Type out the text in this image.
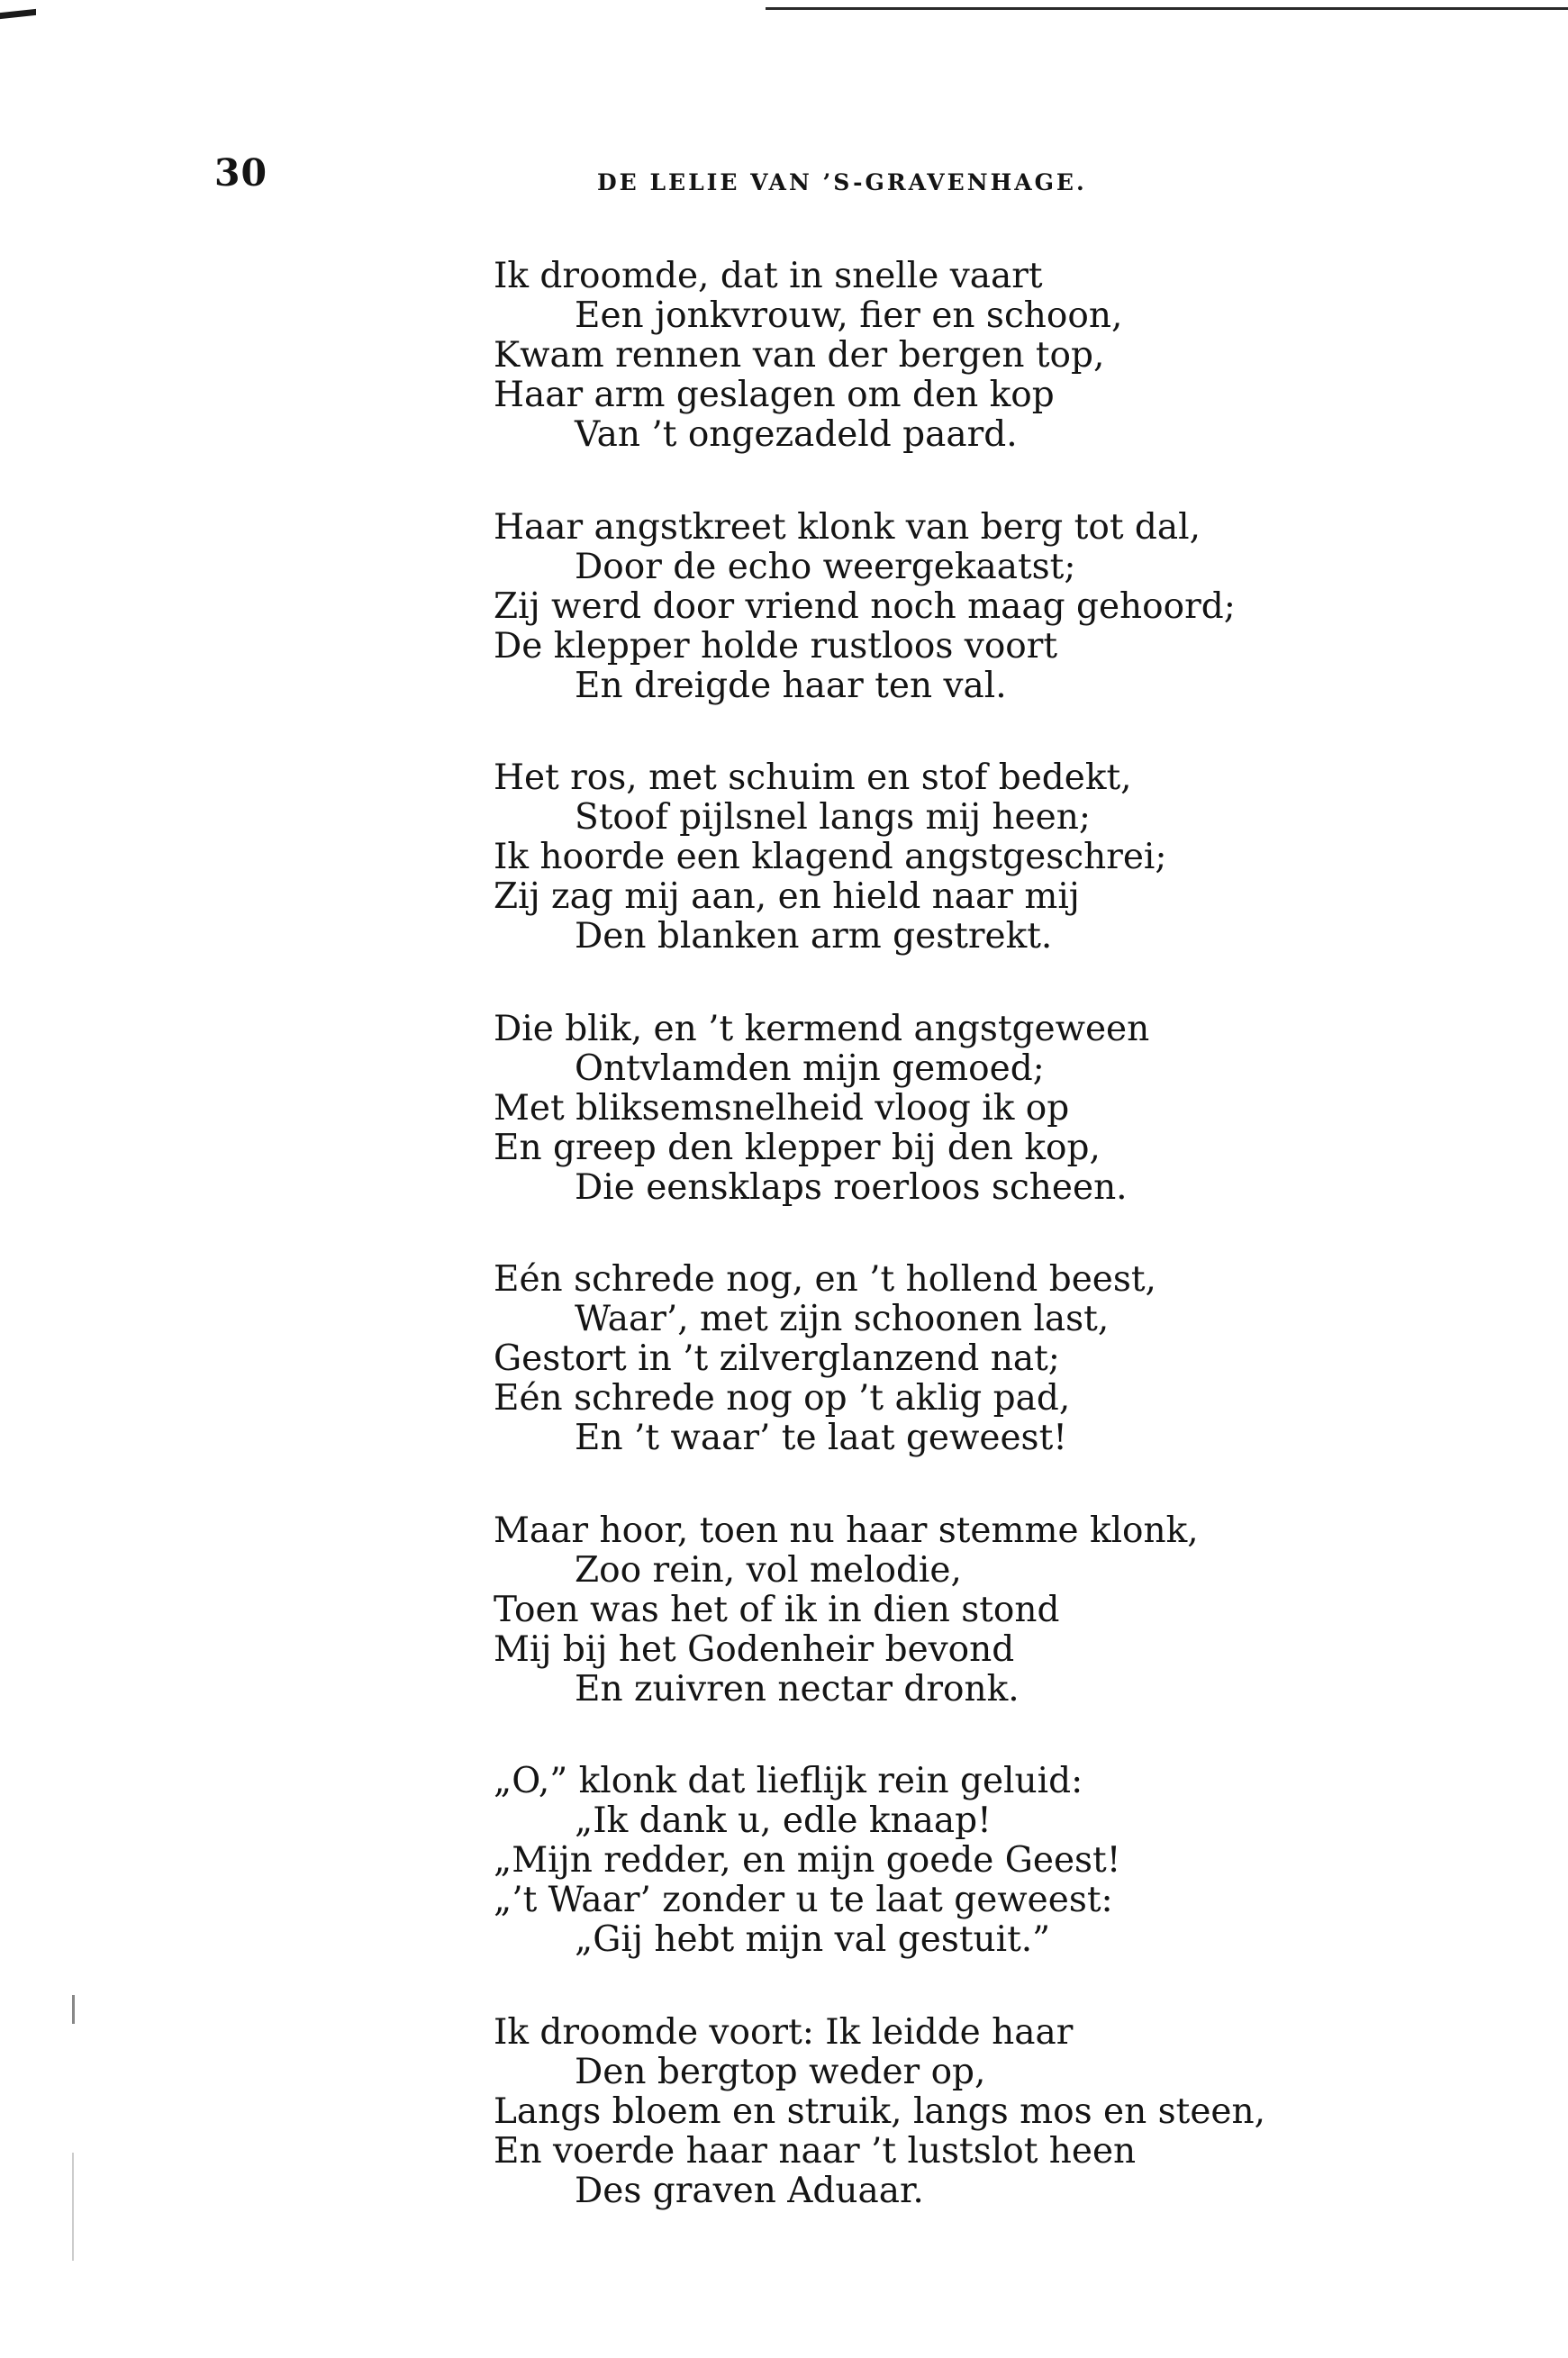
30	DE LELIE VAN ’S-GRAVENHAGE.
Ik droomde, dat in snelle vaart
Een jonkvrouw, fier en schoon,
Kwam rennen van der bergen top,
Haar arm geslagen om den kop
Van ’t ongezadeld paard.
Haar angstkreet klonk van berg tot dal,
Door de echo weergekaatst;
Zij werd door vriend noch maag gehoord;
De klepper holde rustloos voort
En dreigde haar ten val.
Het ros, met schuim en stof bedekt,
Stoof pijlsnel langs mij heen;
Ik hoorde een klagend angstgeschrei;
Zij zag mij aan, en hield naar mij
Den blanken arm gestrekt.
Die blik, en ’t kermend angstgeween
Ontvlamden mijn gemoed;
Met bliksemsnelheid vloog ik op
En greep den klepper bij den kop,
Die eensklaps roerloos scheen.
Eén schrede nog, en ’t hollend beest,
Waar’, met zijn schoonen last,
Gestort in ’t zilverglanzend nat;
Eén schrede nog op ’t aklig pad,
En ’t waar’ te laat geweest!
Maar hoor, toen nu haar stemme klonk,
Zoo rein, vol melodie,
Toen was het of ik in dien stond
Mij bij het Godenheir bevond
En zuivren nectar dronk.
„O,” klonk dat lieflijk rein geluid:
„Ik dank u, edle knaap!
„Mijn redder, en mijn goede Geest!
„’t Waar’ zonder u te laat geweest:
„Gij hebt mijn val gestuit.”
Ik droomde voort: Ik leidde haar
Den bergtop weder op,
Langs bloem en struik, langs mos en steen,
En voerde haar naar ’t lustslot heen
Des graven Aduaar.
